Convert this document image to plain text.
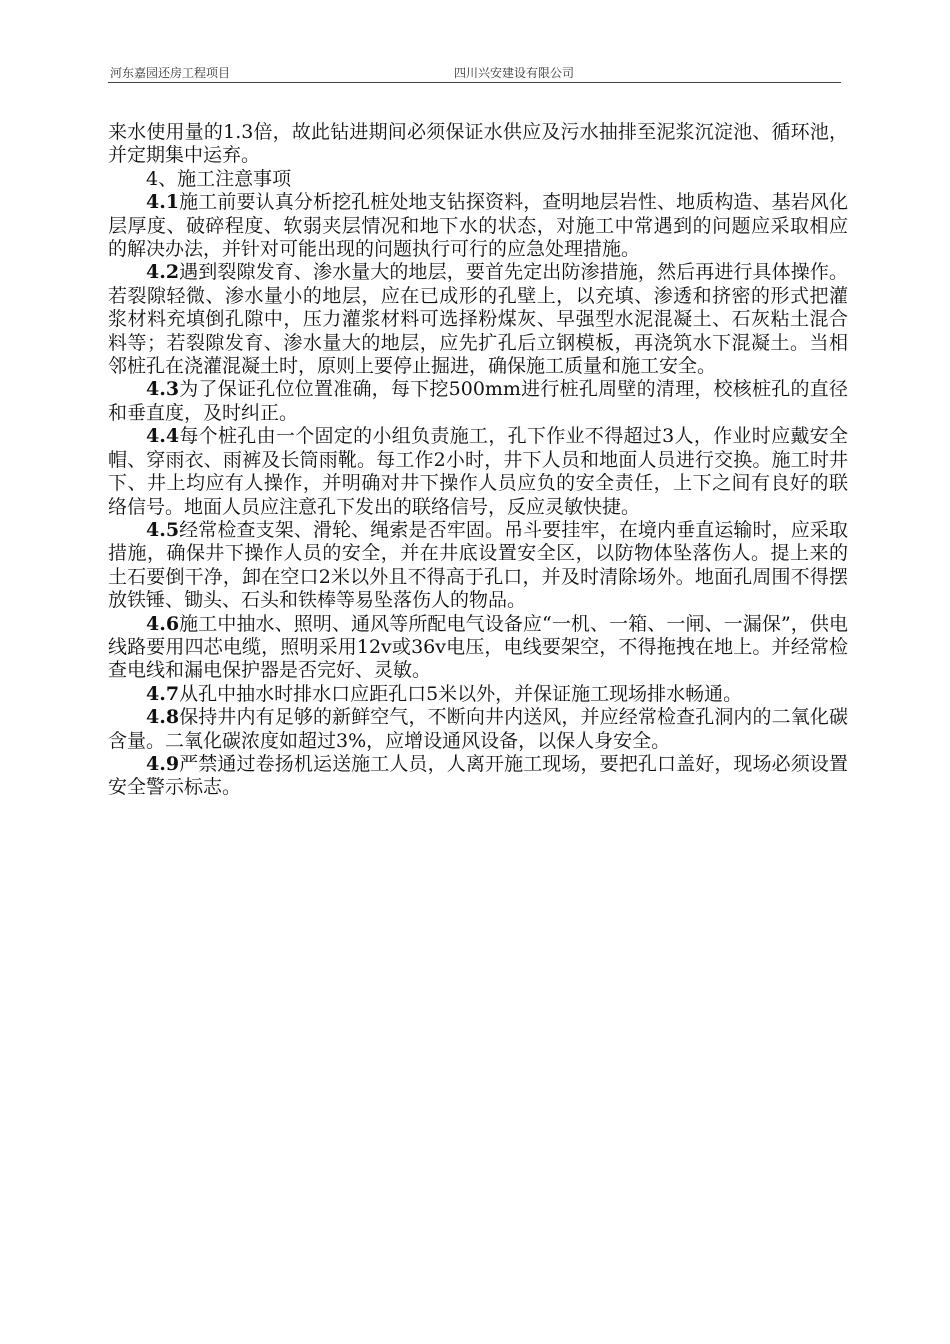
河东嘉园还房工程项目	四川兴安建设有限公司

来水使用量的1.3倍，故此钻进期间必须保证水供应及污水抽排至泥浆沉淀池、循环池，并定期集中运弃。

4、施工注意事项

4.1施工前要认真分析挖孔桩处地支钻探资料，查明地层岩性、地质构造、基岩风化层厚度、破碎程度、软弱夹层情况和地下水的状态，对施工中常遇到的问题应采取相应的解决办法，并针对可能出现的问题执行可行的应急处理措施。

4.2遇到裂隙发育、渗水量大的地层，要首先定出防渗措施，然后再进行具体操作。若裂隙轻微、渗水量小的地层，应在已成形的孔壁上，以充填、渗透和挤密的形式把灌浆材料充填倒孔隙中，压力灌浆材料可选择粉煤灰、早强型水泥混凝土、石灰粘土混合料等；若裂隙发育、渗水量大的地层，应先扩孔后立钢模板，再浇筑水下混凝土。当相邻桩孔在浇灌混凝土时，原则上要停止掘进，确保施工质量和施工安全。

4.3为了保证孔位位置准确，每下挖500mm进行桩孔周壁的清理，校核桩孔的直径和垂直度，及时纠正。

4.4每个桩孔由一个固定的小组负责施工，孔下作业不得超过3人，作业时应戴安全帽、穿雨衣、雨裤及长筒雨靴。每工作2小时，井下人员和地面人员进行交换。施工时井下、井上均应有人操作，并明确对井下操作人员应负的安全责任，上下之间有良好的联络信号。地面人员应注意孔下发出的联络信号，反应灵敏快捷。

4.5经常检查支架、滑轮、绳索是否牢固。吊斗要挂牢，在境内垂直运输时，应采取措施，确保井下操作人员的安全，并在井底设置安全区，以防物体坠落伤人。提上来的土石要倒干净，卸在空口2米以外且不得高于孔口，并及时清除场外。地面孔周围不得摆放铁锤、锄头、石头和铁棒等易坠落伤人的物品。

4.6施工中抽水、照明、通风等所配电气设备应“一机、一箱、一闸、一漏保”，供电线路要用四芯电缆，照明采用12v或36v电压，电线要架空，不得拖拽在地上。并经常检查电线和漏电保护器是否完好、灵敏。

4.7从孔中抽水时排水口应距孔口5米以外，并保证施工现场排水畅通。

4.8保持井内有足够的新鲜空气，不断向井内送风，并应经常检查孔洞内的二氧化碳含量。二氧化碳浓度如超过3%，应增设通风设备，以保人身安全。

4.9严禁通过卷扬机运送施工人员，人离开施工现场，要把孔口盖好，现场必须设置安全警示标志。
